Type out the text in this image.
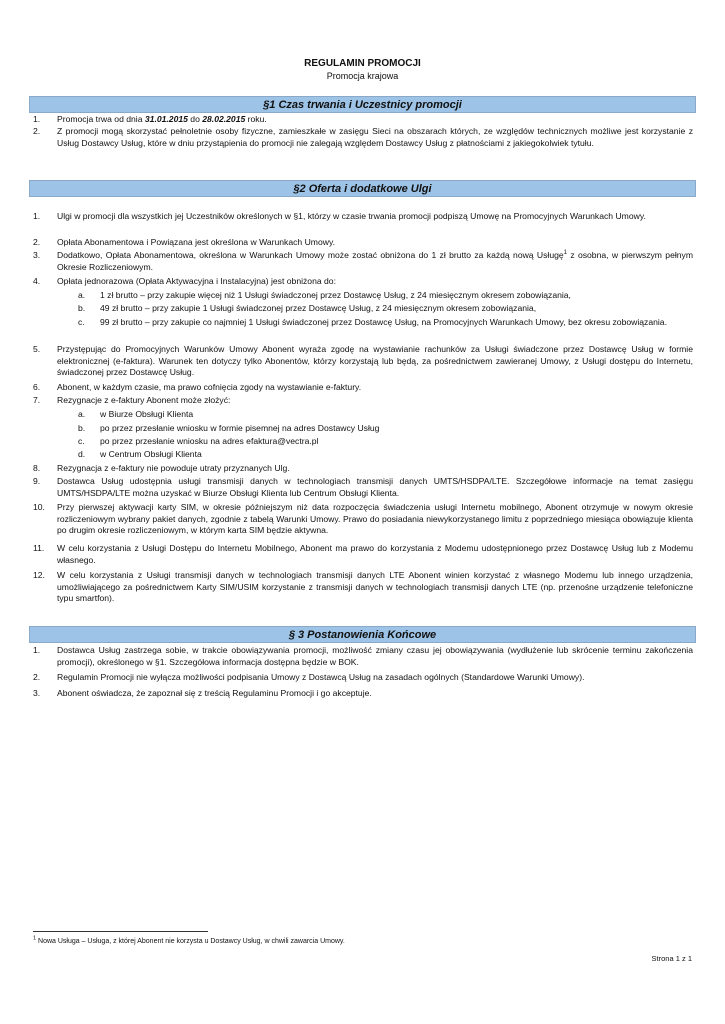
REGULAMIN PROMOCJI
Promocja krajowa
§1 Czas trwania i Uczestnicy promocji
1.	Promocja trwa od dnia 31.01.2015 do 28.02.2015 roku.
2.	Z promocji mogą skorzystać pełnoletnie osoby fizyczne, zamieszkałe w zasięgu Sieci na obszarach których, ze względów technicznych możliwe jest korzystanie z Usług Dostawcy Usług, które w dniu przystąpienia do promocji nie zalegają względem Dostawcy Usług z płatnościami z jakiegokolwiek tytułu.
§2 Oferta i dodatkowe Ulgi
1.	Ulgi w promocji dla wszystkich jej Uczestników określonych w §1, którzy w czasie trwania promocji podpiszą Umowę na Promocyjnych Warunkach Umowy.
2.	Opłata Abonamentowa i Powiązana jest określona w Warunkach Umowy.
3.	Dodatkowo, Opłata Abonamentowa, określona w Warunkach Umowy może zostać obniżona do 1 zł brutto za każdą nową Usługę$^1$ z osobna, w pierwszym pełnym Okresie Rozliczeniowym.
4.	Opłata jednorazowa (Opłata Aktywacyjna i Instalacyjna) jest obniżona do:
a.	1 zł brutto – przy zakupie więcej niż 1 Usługi świadczonej przez Dostawcę Usług, z 24 miesięcznym okresem zobowiązania,
b.	49 zł brutto – przy zakupie 1 Usługi świadczonej przez Dostawcę Usług, z 24 miesięcznym okresem zobowiązania,
c.	99 zł brutto – przy zakupie co najmniej 1 Usługi świadczonej przez Dostawcę Usług, na Promocyjnych Warunkach Umowy, bez okresu zobowiązania.
5.	Przystępując do Promocyjnych Warunków Umowy Abonent wyraża zgodę na wystawianie rachunków za Usługi świadczone przez Dostawcę Usług w formie elektronicznej (e-faktura). Warunek ten dotyczy tylko Abonentów, którzy korzystają lub będą, za pośrednictwem zawieranej Umowy, z Usługi dostępu do Internetu, świadczonej przez Dostawcę Usług.
6.	Abonent, w każdym czasie, ma prawo cofnięcia zgody na wystawianie e-faktury.
7.	Rezygnacje z e-faktury Abonent może złożyć:
a.	w Biurze Obsługi Klienta
b.	po przez przesłanie wniosku w formie pisemnej na adres Dostawcy Usług
c.	po przez przesłanie wniosku na adres efaktura@vectra.pl
d.	w Centrum Obsługi Klienta
8.	Rezygnacja z e-faktury nie powoduje utraty przyznanych Ulg.
9.	Dostawca Usług udostępnia usługi transmisji danych w technologiach transmisji danych UMTS/HSDPA/LTE. Szczegółowe informacje na temat zasięgu UMTS/HSDPA/LTE można uzyskać w Biurze Obsługi Klienta lub Centrum Obsługi Klienta.
10.	Przy pierwszej aktywacji karty SIM, w okresie późniejszym niż data rozpoczęcia świadczenia usługi Internetu mobilnego, Abonent otrzymuje w nowym okresie rozliczeniowym wybrany pakiet danych, zgodnie z tabelą Warunki Umowy. Prawo do posiadania niewykorzystanego limitu z poprzedniego miesiąca obowiązuje klienta po drugim okresie rozliczeniowym, w którym karta SIM będzie aktywna.
11.	W celu korzystania z Usługi Dostępu do Internetu Mobilnego, Abonent ma prawo do korzystania z Modemu udostępnionego przez Dostawcę Usług lub z Modemu własnego.
12.	W celu korzystania z Usługi transmisji danych w technologiach transmisji danych LTE Abonent winien korzystać z własnego Modemu lub innego urządzenia, umożliwiającego za pośrednictwem Karty SIM/USIM korzystanie z transmisji danych w technologiach transmisji danych LTE (np. przenośne urządzenie telefoniczne typu smartfon).
§ 3 Postanowienia Końcowe
1.	Dostawca Usług zastrzega sobie, w trakcie obowiązywania promocji, możliwość zmiany czasu jej obowiązywania (wydłużenie lub skrócenie terminu zakończenia promocji), określonego w §1. Szczegółowa informacja dostępna będzie w BOK.
2.	Regulamin Promocji nie wyłącza możliwości podpisania Umowy z Dostawcą Usług na zasadach ogólnych (Standardowe Warunki Umowy).
3.	Abonent oświadcza, że zapoznał się z treścią Regulaminu Promocji i go akceptuje.
$^1$ Nowa Usługa – Usługa, z której Abonent nie korzysta u Dostawcy Usług, w chwili zawarcia Umowy.
Strona 1 z 1
